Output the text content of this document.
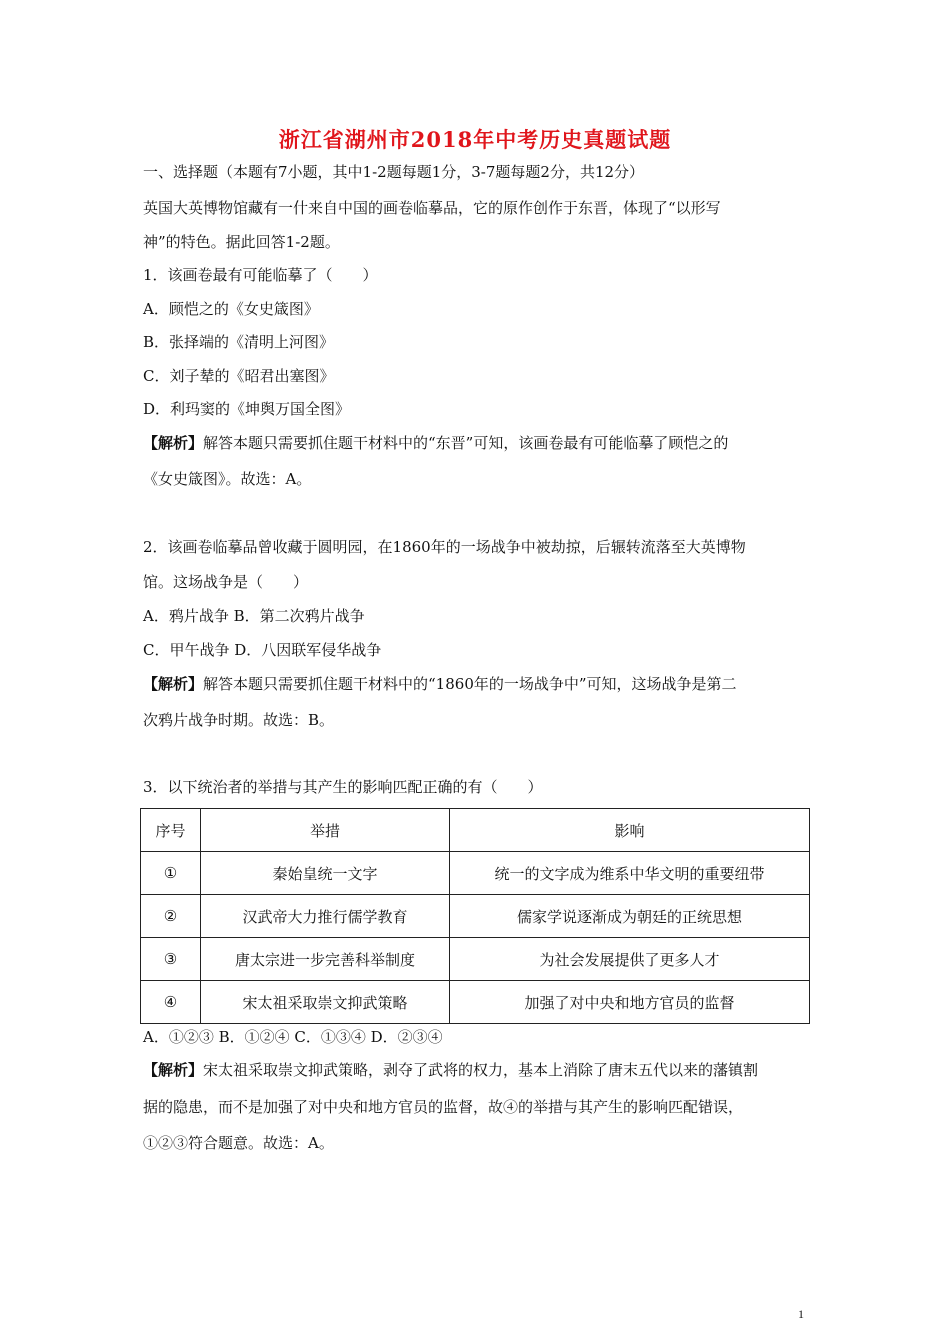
浙江省湖州市2018年中考历史真题试题
一、选择题（本题有7小题，其中1-2题每题1分，3-7题每题2分，共12分）
英国大英博物馆藏有一什来自中国的画卷临摹品，它的原作创作于东晋，体现了“以形写
神”的特色。据此回答1-2题。
1．该画卷最有可能临摹了（　　）
A．顾恺之的《女史箴图》
B．张择端的《清明上河图》
C．刘子辇的《昭君出塞图》
D．利玛窦的《坤舆万国全图》
【解析】解答本题只需要抓住题干材料中的“东晋”可知，该画卷最有可能临摹了顾恺之的
《女史箴图》。故选：A。
2．该画卷临摹品曾收藏于圆明园，在1860年的一场战争中被劫掠，后辗转流落至大英博物
馆。这场战争是（　　）
A．鸦片战争 B．第二次鸦片战争
C．甲午战争 D．八因联军侵华战争
【解析】解答本题只需要抓住题干材料中的“1860年的一场战争中”可知，这场战争是第二
次鸦片战争时期。故选：B。
3．以下统治者的举措与其产生的影响匹配正确的有（　　）
序号	举措	影响
①	秦始皇统一文字	统一的文字成为维系中华文明的重要纽带
②	汉武帝大力推行儒学教育	儒家学说逐渐成为朝廷的正统思想
③	唐太宗进一步完善科举制度	为社会发展提供了更多人才
④	宋太祖采取崇文抑武策略	加强了对中央和地方官员的监督
A．①②③ B．①②④ C．①③④ D．②③④
【解析】宋太祖采取崇文抑武策略，剥夺了武将的权力，基本上消除了唐末五代以来的藩镇割
据的隐患，而不是加强了对中央和地方官员的监督，故④的举措与其产生的影响匹配错误，
①②③符合题意。故选：A。
1
